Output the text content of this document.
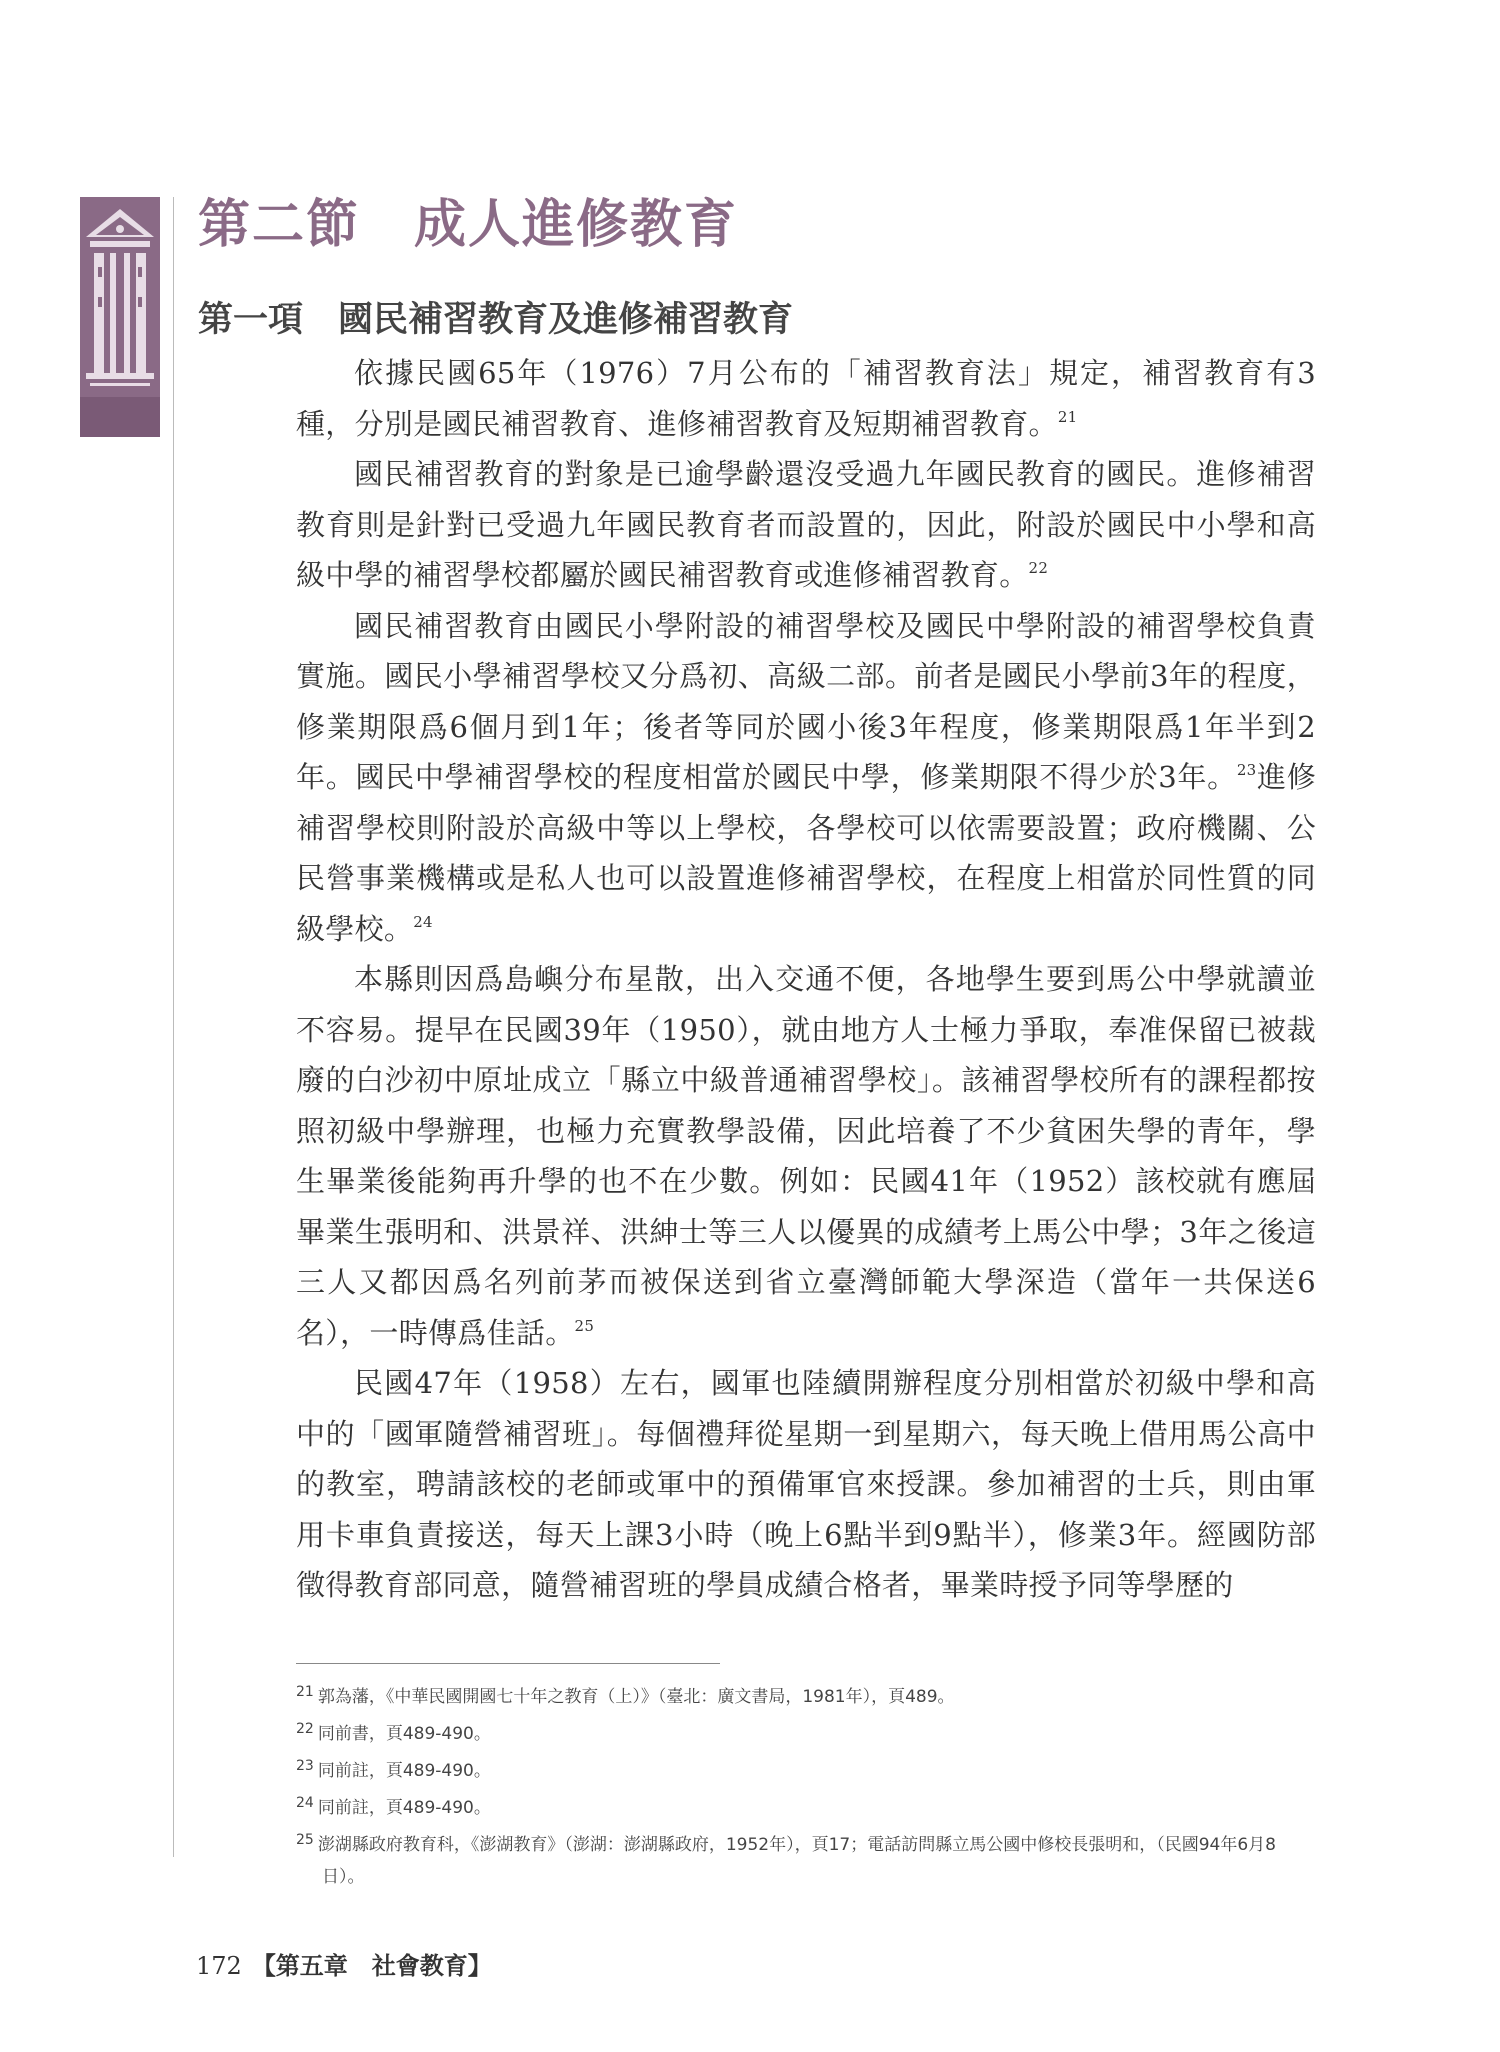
第二節　成人進修教育
第一項　國民補習教育及進修補習教育

依據民國65年（1976）7月公布的「補習教育法」規定，補習教育有3種，分別是國民補習教育、進修補習教育及短期補習教育。$^{21}$

國民補習教育的對象是已逾學齡還沒受過九年國民教育的國民。進修補習教育則是針對已受過九年國民教育者而設置的，因此，附設於國民中小學和高級中學的補習學校都屬於國民補習教育或進修補習教育。$^{22}$

國民補習教育由國民小學附設的補習學校及國民中學附設的補習學校負責實施。國民小學補習學校又分爲初、高級二部。前者是國民小學前3年的程度，修業期限爲6個月到1年；後者等同於國小後3年程度，修業期限爲1年半到2年。國民中學補習學校的程度相當於國民中學，修業期限不得少於3年。$^{23}$進修補習學校則附設於高級中等以上學校，各學校可以依需要設置；政府機關、公民營事業機構或是私人也可以設置進修補習學校，在程度上相當於同性質的同級學校。$^{24}$

本縣則因爲島嶼分布星散，出入交通不便，各地學生要到馬公中學就讀並不容易。提早在民國39年（1950），就由地方人士極力爭取，奉准保留已被裁廢的白沙初中原址成立「縣立中級普通補習學校」。該補習學校所有的課程都按照初級中學辦理，也極力充實教學設備，因此培養了不少貧困失學的青年，學生畢業後能夠再升學的也不在少數。例如：民國41年（1952）該校就有應屆畢業生張明和、洪景祥、洪紳士等三人以優異的成績考上馬公中學；3年之後這三人又都因爲名列前茅而被保送到省立臺灣師範大學深造（當年一共保送6名），一時傳爲佳話。$^{25}$

民國47年（1958）左右，國軍也陸續開辦程度分別相當於初級中學和高中的「國軍隨營補習班」。每個禮拜從星期一到星期六，每天晚上借用馬公高中的教室，聘請該校的老師或軍中的預備軍官來授課。參加補習的士兵，則由軍用卡車負責接送，每天上課3小時（晚上6點半到9點半），修業3年。經國防部徵得教育部同意，隨營補習班的學員成績合格者，畢業時授予同等學歷的

$^{21}$ 郭為藩，《中華民國開國七十年之教育（上）》（臺北：廣文書局，1981年），頁489。

$^{22}$ 同前書，頁489-490。

$^{23}$ 同前註，頁489-490。

$^{24}$ 同前註，頁489-490。

$^{25}$ 澎湖縣政府教育科，《澎湖教育》（澎湖：澎湖縣政府，1952年），頁17；電話訪問縣立馬公國中修校長張明和，（民國94年6月8日）。

172 【第五章　社會教育】
